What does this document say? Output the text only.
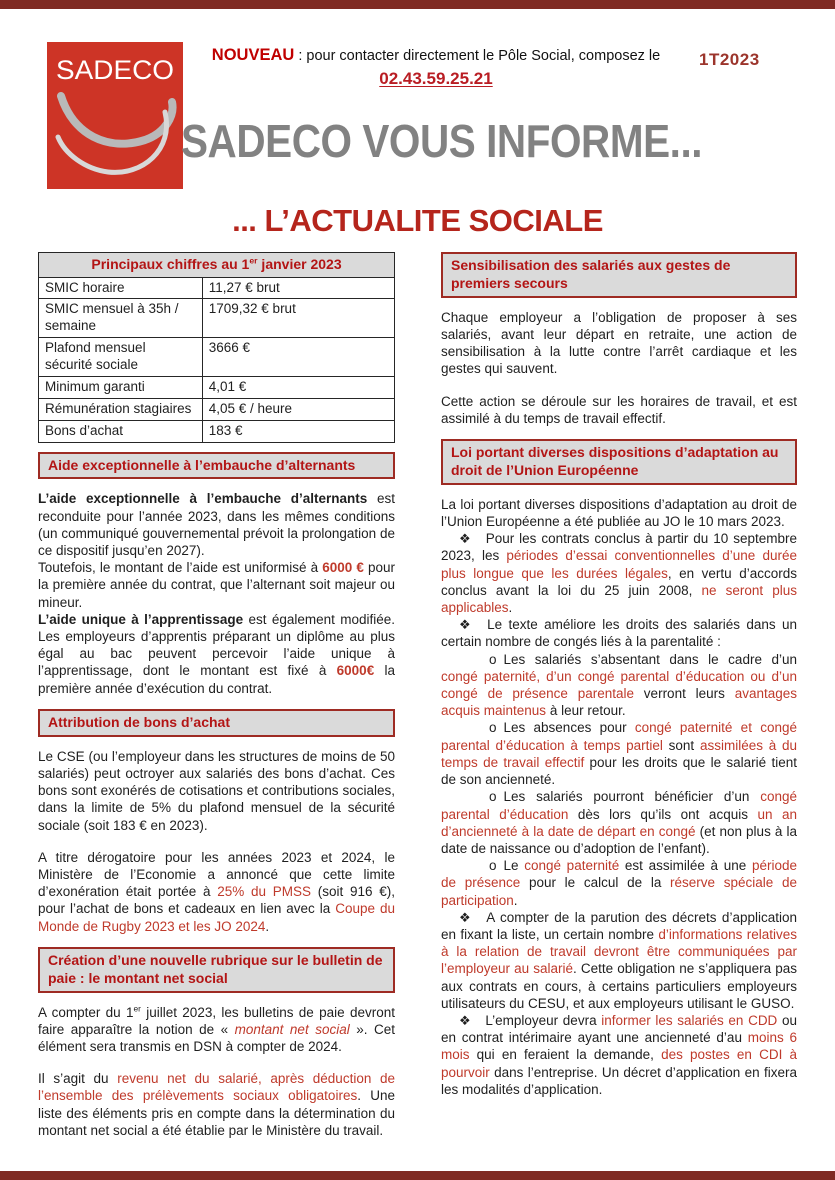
SADECO	NOUVEAU : pour contacter directement le Pôle Social, composez le
02.43.59.25.21
1T2023
SADECO VOUS INFORME...
... L’ACTUALITE SOCIALE
Principaux chiffres au 1er janvier 2023	
SMIC horaire	11,27 € brut
SMIC mensuel à 35h / semaine	1709,32 € brut
Plafond mensuel sécurité sociale	3666 €
Minimum garanti	4,01 €
Rémunération stagiaires	4,05 € / heure
Bons d’achat	183 €
Aide exceptionnelle à l’embauche d’alternants

L’aide exceptionnelle à l’embauche d’alternants est reconduite pour l’année 2023, dans les mêmes conditions (un communiqué gouvernemental prévoit la prolongation de ce dispositif jusqu’en 2027).

Toutefois, le montant de l’aide est uniformisé à 6000 € pour la première année du contrat, que l’alternant soit majeur ou mineur.

L’aide unique à l’apprentissage est également modifiée. Les employeurs d’apprentis préparant un diplôme au plus égal au bac peuvent percevoir l’aide unique à l’apprentissage, dont le montant est fixé à 6000€ la première année d’exécution du contrat.

Attribution de bons d’achat

Le CSE (ou l’employeur dans les structures de moins de 50 salariés) peut octroyer aux salariés des bons d’achat. Ces bons sont exonérés de cotisations et contributions sociales, dans la limite de 5% du plafond mensuel de la sécurité sociale (soit 183 € en 2023).

A titre dérogatoire pour les années 2023 et 2024, le Ministère de l’Economie a annoncé que cette limite d’exonération était portée à 25% du PMSS (soit 916 €), pour l’achat de bons et cadeaux en lien avec la Coupe du Monde de Rugby 2023 et les JO 2024.

Création d’une nouvelle rubrique sur le bulletin de paie : le montant net social

A compter du 1er juillet 2023, les bulletins de paie devront faire apparaître la notion de « montant net social ». Cet élément sera transmis en DSN à compter de 2024.

Il s’agit du revenu net du salarié, après déduction de l’ensemble des prélèvements sociaux obligatoires. Une liste des éléments pris en compte dans la détermination du montant net social a été établie par le Ministère du travail.

Sensibilisation des salariés aux gestes de premiers secours

Chaque employeur a l’obligation de proposer à ses salariés, avant leur départ en retraite, une action de sensibilisation à la lutte contre l’arrêt cardiaque et les gestes qui sauvent.

Cette action se déroule sur les horaires de travail, et est assimilé à du temps de travail effectif.

Loi portant diverses dispositions d’adaptation au droit de l’Union Européenne

La loi portant diverses dispositions d’adaptation au droit de l’Union Européenne a été publiée au JO le 10 mars 2023.

❖ Pour les contrats conclus à partir du 10 septembre 2023, les périodes d’essai conventionnelles d’une durée plus longue que les durées légales, en vertu d’accords conclus avant la loi du 25 juin 2008, ne seront plus applicables.

❖ Le texte améliore les droits des salariés dans un certain nombre de congés liés à la parentalité :

o Les salariés s’absentant dans le cadre d’un congé paternité, d’un congé parental d’éducation ou d’un congé de présence parentale verront leurs avantages acquis maintenus à leur retour.

o Les absences pour congé paternité et congé parental d’éducation à temps partiel sont assimilées à du temps de travail effectif pour les droits que le salarié tient de son ancienneté.

o Les salariés pourront bénéficier d’un congé parental d’éducation dès lors qu’ils ont acquis un an d’ancienneté à la date de départ en congé (et non plus à la date de naissance ou d’adoption de l’enfant).

o Le congé paternité est assimilée à une période de présence pour le calcul de la réserve spéciale de participation.

❖ A compter de la parution des décrets d’application en fixant la liste, un certain nombre d’informations relatives à la relation de travail devront être communiquées par l’employeur au salarié. Cette obligation ne s’appliquera pas aux contrats en cours, à certains particuliers employeurs utilisateurs du CESU, et aux employeurs utilisant le GUSO.

❖ L’employeur devra informer les salariés en CDD ou en contrat intérimaire ayant une ancienneté d’au moins 6 mois qui en feraient la demande, des postes en CDI à pourvoir dans l’entreprise. Un décret d’application en fixera les modalités d’application.
